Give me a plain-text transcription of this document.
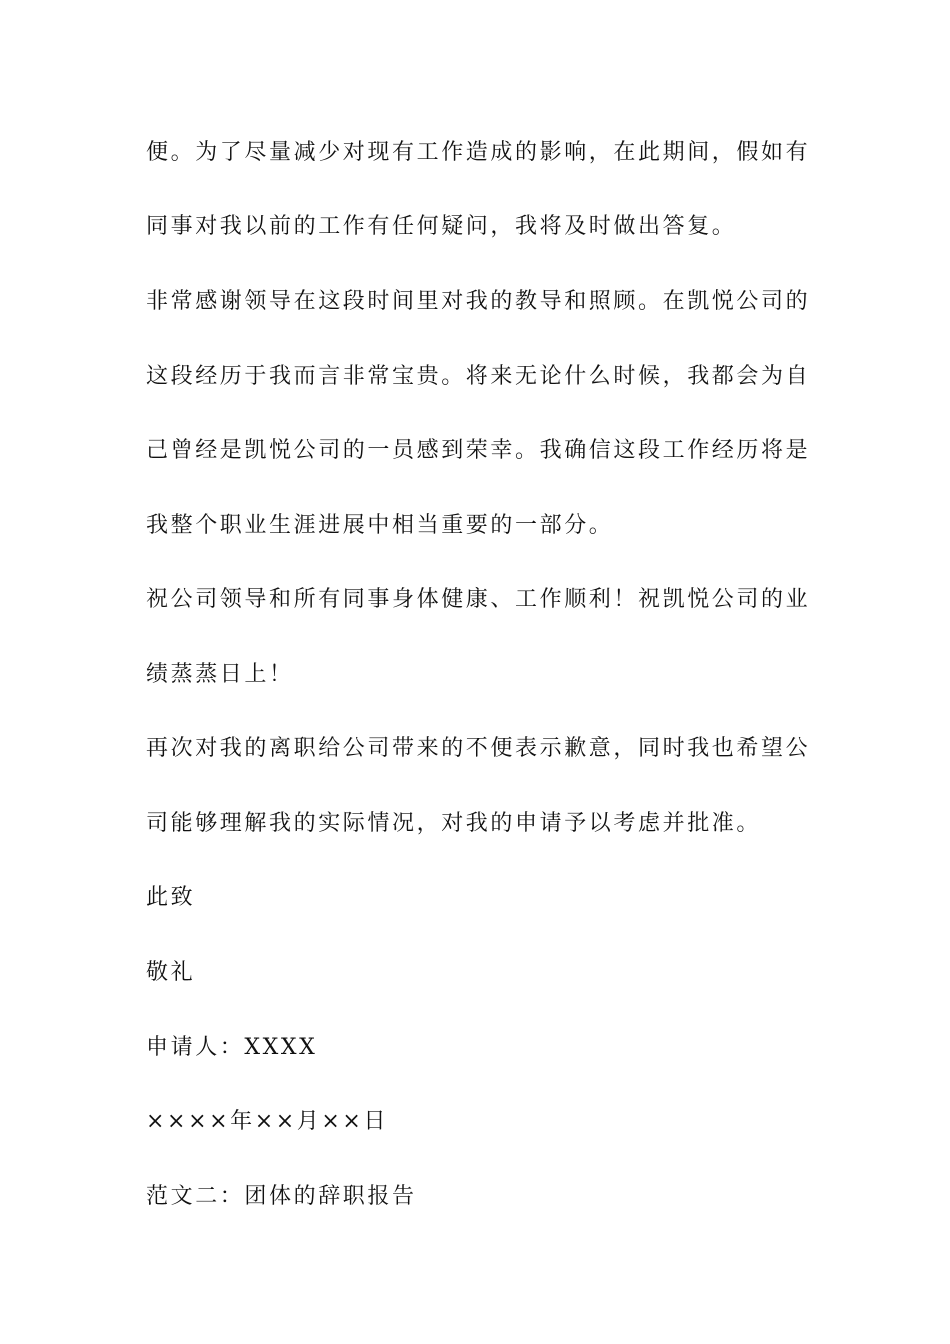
便。为了尽量减少对现有工作造成的影响，在此期间，假如有
同事对我以前的工作有任何疑问，我将及时做出答复。
非常感谢领导在这段时间里对我的教导和照顾。在凯悦公司的
这段经历于我而言非常宝贵。将来无论什么时候，我都会为自
己曾经是凯悦公司的一员感到荣幸。我确信这段工作经历将是
我整个职业生涯进展中相当重要的一部分。
祝公司领导和所有同事身体健康、工作顺利！祝凯悦公司的业
绩蒸蒸日上！
再次对我的离职给公司带来的不便表示歉意，同时我也希望公
司能够理解我的实际情况，对我的申请予以考虑并批准。
此致
敬礼
申请人：XXXX
××××年××月××日
范文二：团体的辞职报告
